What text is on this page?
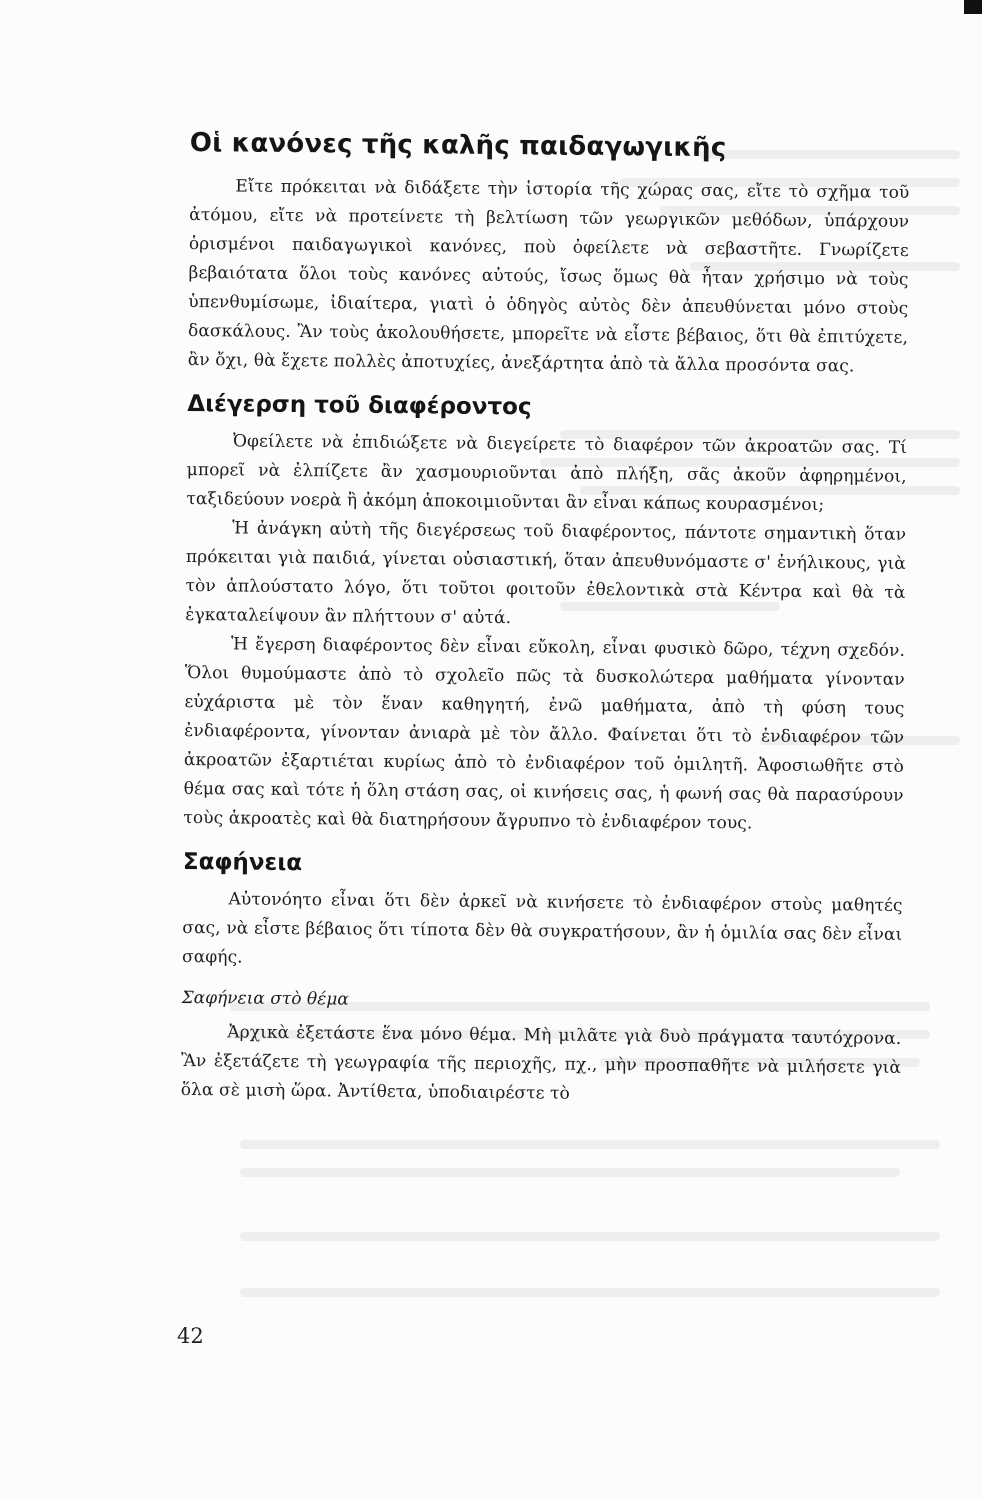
Οἱ κανόνες τῆς καλῆς παιδαγωγικῆς

Εἴτε πρόκειται νὰ διδάξετε τὴν ἱστορία τῆς χώρας σας, εἴτε τὸ σχῆμα τοῦ ἀτόμου, εἴτε νὰ προτείνετε τὴ βελτίωση τῶν γεωργικῶν μεθόδων, ὑπάρχουν ὁρισμένοι παιδαγωγικοὶ κανόνες, ποὺ ὀφείλετε νὰ σεβαστῆτε. Γνωρίζετε βεβαιότατα ὅλοι τοὺς κανόνες αὐτούς, ἴσως ὅμως θὰ ἦταν χρήσιμο νὰ τοὺς ὑπενθυμίσωμε, ἰδιαίτερα, γιατὶ ὁ ὁδηγὸς αὐτὸς δὲν ἀπευθύνεται μόνο στοὺς δασκάλους. Ἂν τοὺς ἀκολουθήσετε, μπορεῖτε νὰ εἶστε βέβαιος, ὅτι θὰ ἐπιτύχετε, ἂν ὄχι, θὰ ἔχετε πολλὲς ἀποτυχίες, ἀνεξάρτητα ἀπὸ τὰ ἄλλα προσόντα σας.

Διέγερση τοῦ διαφέροντος

Ὀφείλετε νὰ ἐπιδιώξετε νὰ διεγείρετε τὸ διαφέρον τῶν ἀκροατῶν σας. Τί μπορεῖ νὰ ἐλπίζετε ἂν χασμουριοῦνται ἀπὸ πλήξη, σᾶς ἀκοῦν ἀφηρημένοι, ταξιδεύουν νοερὰ ἢ ἀκόμη ἀποκοιμιοῦνται ἂν εἶναι κάπως κουρασμένοι;

Ἡ ἀνάγκη αὐτὴ τῆς διεγέρσεως τοῦ διαφέροντος, πάντοτε σημαντικὴ ὅταν πρόκειται γιὰ παιδιά, γίνεται οὐσιαστική, ὅταν ἀπευθυνόμαστε σ' ἐνήλικους, γιὰ τὸν ἁπλούστατο λόγο, ὅτι τοῦτοι φοιτοῦν ἐθελοντικὰ στὰ Κέντρα καὶ θὰ τὰ ἐγκαταλείψουν ἂν πλήττουν σ' αὐτά.

Ἡ ἔγερση διαφέροντος δὲν εἶναι εὔκολη, εἶναι φυσικὸ δῶρο, τέχνη σχεδόν. Ὅλοι θυμούμαστε ἀπὸ τὸ σχολεῖο πῶς τὰ δυσκολώτερα μαθήματα γίνονταν εὐχάριστα μὲ τὸν ἕναν καθηγητή, ἐνῶ μαθήματα, ἀπὸ τὴ φύση τους ἐνδιαφέροντα, γίνονταν ἀνιαρὰ μὲ τὸν ἄλλο. Φαίνεται ὅτι τὸ ἐνδιαφέρον τῶν ἀκροατῶν ἐξαρτιέται κυρίως ἀπὸ τὸ ἐνδιαφέρον τοῦ ὁμιλητῆ. Ἀφοσιωθῆτε στὸ θέμα σας καὶ τότε ἡ ὅλη στάση σας, οἱ κινήσεις σας, ἡ φωνή σας θὰ παρασύρουν τοὺς ἀκροατὲς καὶ θὰ διατηρήσουν ἄγρυπνο τὸ ἐνδιαφέρον τους.

Σαφήνεια

Αὐτονόητο εἶναι ὅτι δὲν ἀρκεῖ νὰ κινήσετε τὸ ἐνδιαφέρον στοὺς μαθητές σας, νὰ εἶστε βέβαιος ὅτι τίποτα δὲν θὰ συγκρατήσουν, ἂν ἡ ὁμιλία σας δὲν εἶναι σαφής.

Σαφήνεια στὸ θέμα

Ἀρχικὰ ἐξετάστε ἕνα μόνο θέμα. Μὴ μιλᾶτε γιὰ δυὸ πράγματα ταυτόχρονα. Ἂν ἐξετάζετε τὴ γεωγραφία τῆς περιοχῆς, πχ., μὴν προσπαθῆτε νὰ μιλήσετε γιὰ ὅλα σὲ μισὴ ὥρα. Ἀντίθετα, ὑποδιαιρέστε τὸ

42
